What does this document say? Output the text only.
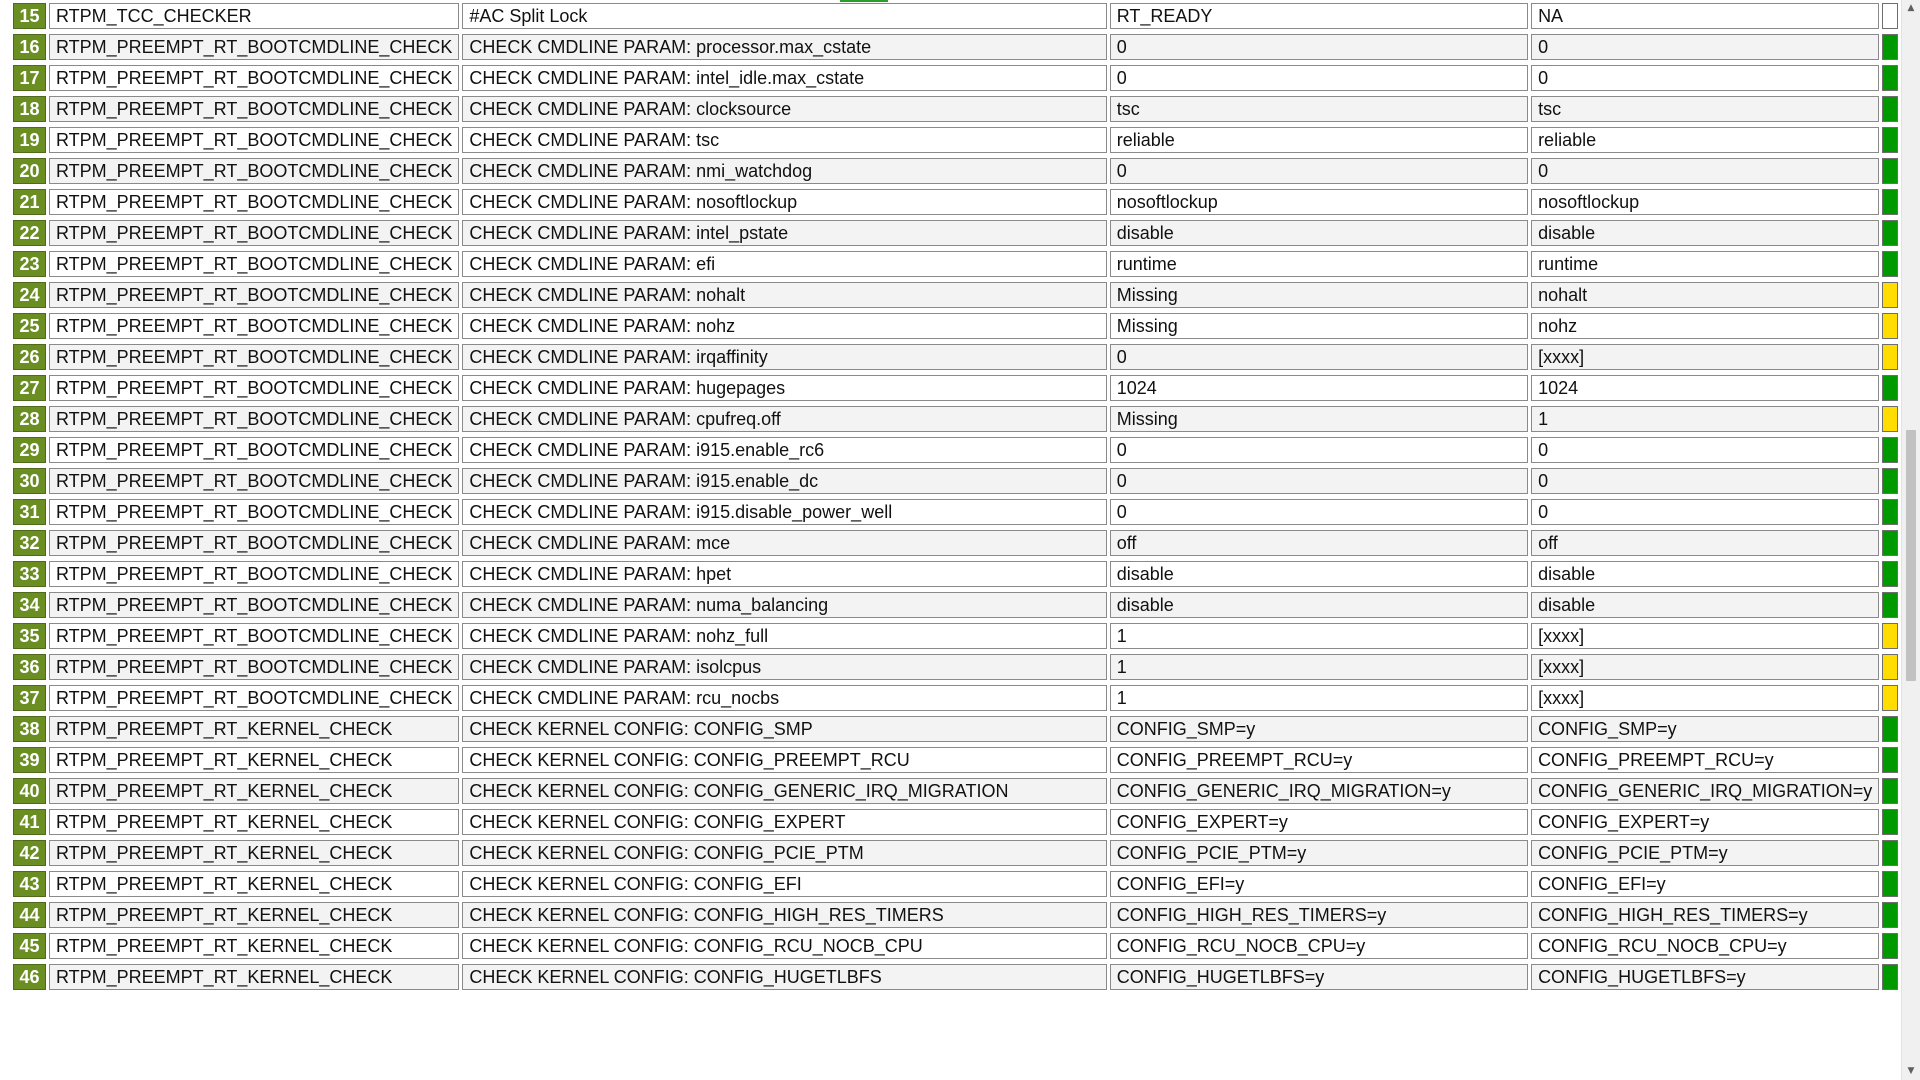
15	RTPM_TCC_CHECKER	#AC Split Lock	RT_READY	NA	
16	RTPM_PREEMPT_RT_BOOTCMDLINE_CHECK	CHECK CMDLINE PARAM: processor.max_cstate	0	0	
17	RTPM_PREEMPT_RT_BOOTCMDLINE_CHECK	CHECK CMDLINE PARAM: intel_idle.max_cstate	0	0	
18	RTPM_PREEMPT_RT_BOOTCMDLINE_CHECK	CHECK CMDLINE PARAM: clocksource	tsc	tsc	
19	RTPM_PREEMPT_RT_BOOTCMDLINE_CHECK	CHECK CMDLINE PARAM: tsc	reliable	reliable	
20	RTPM_PREEMPT_RT_BOOTCMDLINE_CHECK	CHECK CMDLINE PARAM: nmi_watchdog	0	0	
21	RTPM_PREEMPT_RT_BOOTCMDLINE_CHECK	CHECK CMDLINE PARAM: nosoftlockup	nosoftlockup	nosoftlockup	
22	RTPM_PREEMPT_RT_BOOTCMDLINE_CHECK	CHECK CMDLINE PARAM: intel_pstate	disable	disable	
23	RTPM_PREEMPT_RT_BOOTCMDLINE_CHECK	CHECK CMDLINE PARAM: efi	runtime	runtime	
24	RTPM_PREEMPT_RT_BOOTCMDLINE_CHECK	CHECK CMDLINE PARAM: nohalt	Missing	nohalt	
25	RTPM_PREEMPT_RT_BOOTCMDLINE_CHECK	CHECK CMDLINE PARAM: nohz	Missing	nohz	
26	RTPM_PREEMPT_RT_BOOTCMDLINE_CHECK	CHECK CMDLINE PARAM: irqaffinity	0	[xxxx]	
27	RTPM_PREEMPT_RT_BOOTCMDLINE_CHECK	CHECK CMDLINE PARAM: hugepages	1024	1024	
28	RTPM_PREEMPT_RT_BOOTCMDLINE_CHECK	CHECK CMDLINE PARAM: cpufreq.off	Missing	1	
29	RTPM_PREEMPT_RT_BOOTCMDLINE_CHECK	CHECK CMDLINE PARAM: i915.enable_rc6	0	0	
30	RTPM_PREEMPT_RT_BOOTCMDLINE_CHECK	CHECK CMDLINE PARAM: i915.enable_dc	0	0	
31	RTPM_PREEMPT_RT_BOOTCMDLINE_CHECK	CHECK CMDLINE PARAM: i915.disable_power_well	0	0	
32	RTPM_PREEMPT_RT_BOOTCMDLINE_CHECK	CHECK CMDLINE PARAM: mce	off	off	
33	RTPM_PREEMPT_RT_BOOTCMDLINE_CHECK	CHECK CMDLINE PARAM: hpet	disable	disable	
34	RTPM_PREEMPT_RT_BOOTCMDLINE_CHECK	CHECK CMDLINE PARAM: numa_balancing	disable	disable	
35	RTPM_PREEMPT_RT_BOOTCMDLINE_CHECK	CHECK CMDLINE PARAM: nohz_full	1	[xxxx]	
36	RTPM_PREEMPT_RT_BOOTCMDLINE_CHECK	CHECK CMDLINE PARAM: isolcpus	1	[xxxx]	
37	RTPM_PREEMPT_RT_BOOTCMDLINE_CHECK	CHECK CMDLINE PARAM: rcu_nocbs	1	[xxxx]	
38	RTPM_PREEMPT_RT_KERNEL_CHECK	CHECK KERNEL CONFIG: CONFIG_SMP	CONFIG_SMP=y	CONFIG_SMP=y	
39	RTPM_PREEMPT_RT_KERNEL_CHECK	CHECK KERNEL CONFIG: CONFIG_PREEMPT_RCU	CONFIG_PREEMPT_RCU=y	CONFIG_PREEMPT_RCU=y	
40	RTPM_PREEMPT_RT_KERNEL_CHECK	CHECK KERNEL CONFIG: CONFIG_GENERIC_IRQ_MIGRATION	CONFIG_GENERIC_IRQ_MIGRATION=y	CONFIG_GENERIC_IRQ_MIGRATION=y	
41	RTPM_PREEMPT_RT_KERNEL_CHECK	CHECK KERNEL CONFIG: CONFIG_EXPERT	CONFIG_EXPERT=y	CONFIG_EXPERT=y	
42	RTPM_PREEMPT_RT_KERNEL_CHECK	CHECK KERNEL CONFIG: CONFIG_PCIE_PTM	CONFIG_PCIE_PTM=y	CONFIG_PCIE_PTM=y	
43	RTPM_PREEMPT_RT_KERNEL_CHECK	CHECK KERNEL CONFIG: CONFIG_EFI	CONFIG_EFI=y	CONFIG_EFI=y	
44	RTPM_PREEMPT_RT_KERNEL_CHECK	CHECK KERNEL CONFIG: CONFIG_HIGH_RES_TIMERS	CONFIG_HIGH_RES_TIMERS=y	CONFIG_HIGH_RES_TIMERS=y	
45	RTPM_PREEMPT_RT_KERNEL_CHECK	CHECK KERNEL CONFIG: CONFIG_RCU_NOCB_CPU	CONFIG_RCU_NOCB_CPU=y	CONFIG_RCU_NOCB_CPU=y	
46	RTPM_PREEMPT_RT_KERNEL_CHECK	CHECK KERNEL CONFIG: CONFIG_HUGETLBFS	CONFIG_HUGETLBFS=y	CONFIG_HUGETLBFS=y	
▲
▼
